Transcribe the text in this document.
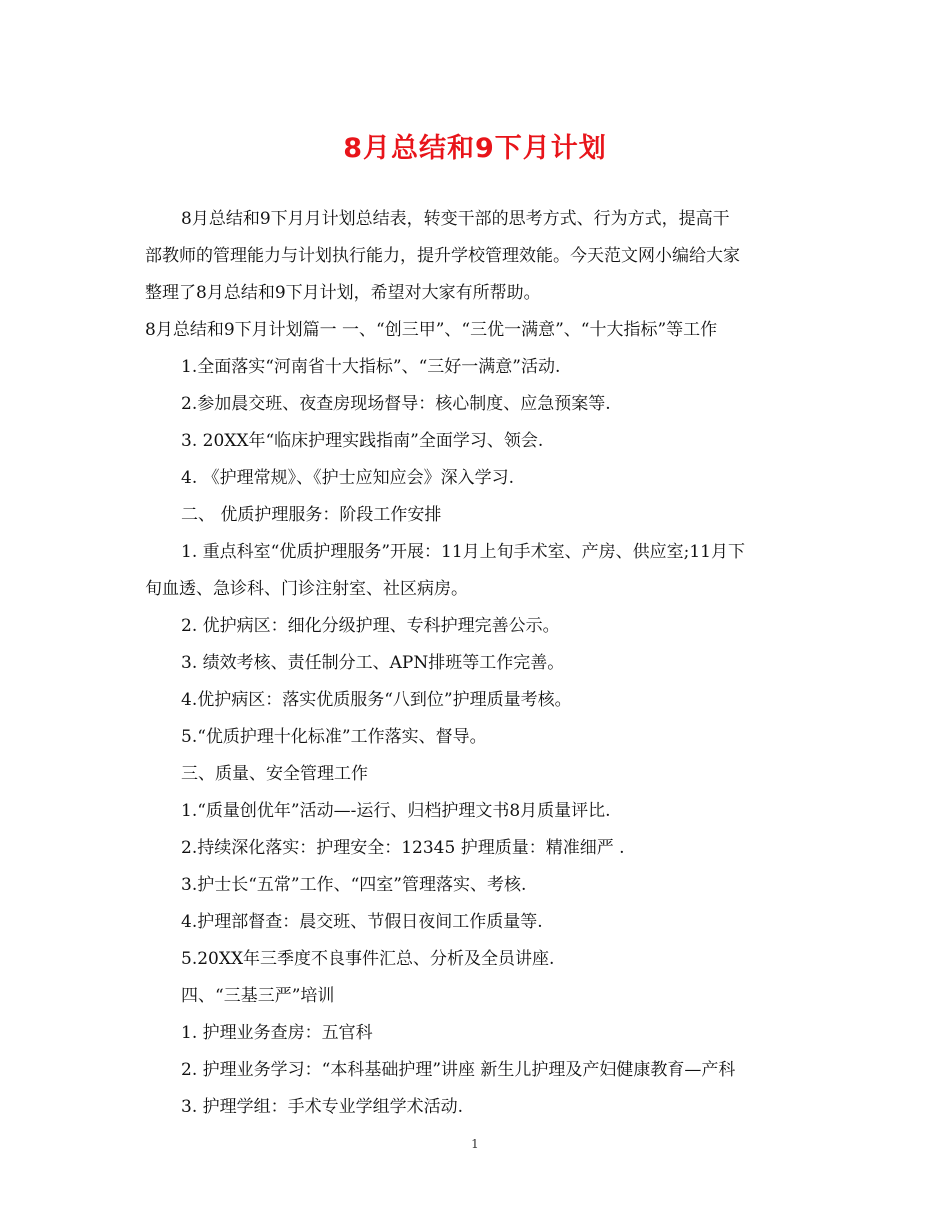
8月总结和9下月计划
8月总结和9下月月计划总结表，转变干部的思考方式、行为方式，提高干
部教师的管理能力与计划执行能力，提升学校管理效能。今天范文网小编给大家
整理了8月总结和9下月计划，希望对大家有所帮助。
8月总结和9下月计划篇一 一、“创三甲”、“三优一满意”、“十大指标”等工作
1.全面落实“河南省十大指标”、“三好一满意”活动.
2.参加晨交班、夜查房现场督导：核心制度、应急预案等.
3. 20XX年“临床护理实践指南”全面学习、领会.
4. 《护理常规》、《护士应知应会》深入学习.
二、 优质护理服务：阶段工作安排
1. 重点科室“优质护理服务”开展：11月上旬手术室、产房、供应室;11月下
旬血透、急诊科、门诊注射室、社区病房。
2. 优护病区：细化分级护理、专科护理完善公示。
3. 绩效考核、责任制分工、APN排班等工作完善。
4.优护病区：落实优质服务“八到位”护理质量考核。
5.“优质护理十化标准”工作落实、督导。
三、质量、安全管理工作
1.“质量创优年”活动—-运行、归档护理文书8月质量评比.
2.持续深化落实：护理安全：12345 护理质量：精准细严 .
3.护士长“五常”工作、“四室”管理落实、考核.
4.护理部督查：晨交班、节假日夜间工作质量等.
5.20XX年三季度不良事件汇总、分析及全员讲座.
四、“三基三严”培训
1. 护理业务查房：五官科
2. 护理业务学习：“本科基础护理”讲座 新生儿护理及产妇健康教育—产科
3. 护理学组：手术专业学组学术活动.
1
